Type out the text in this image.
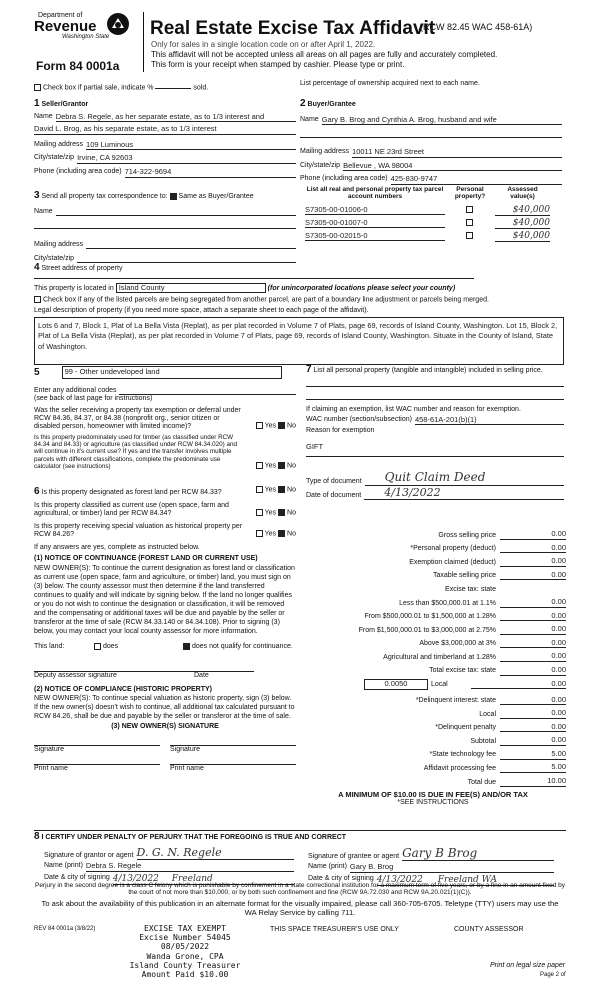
Department of
Revenue
Washington State
Form 84 0001a
Real Estate Excise Tax Affidavit
(RCW 82.45 WAC 458-61A)
Only for sales in a single location code on or after April 1, 2022.
This affidavit will not be accepted unless all areas on all pages are fully and accurately completed.
This form is your receipt when stamped by cashier. Please type or print.
Check box if partial sale, indicate %	sold.
List percentage of ownership acquired next to each name.
1 Seller/Grantor
Name Debra S. Regele, as her separate estate, as to 1/3 interest and
David L. Brog, as his separate estate, as to 1/3 interest
Mailing address 109 Luminous
City/state/zip Irvine, CA 92603
Phone (including area code) 714-322-9694
2 Buyer/Grantee
Name Gary B. Brog and Cynthia A. Brog, husband and wife
Mailing address 10011 NE 23rd Street
City/state/zip Bellevue , WA 98004
Phone (including area code) 425-830-9747
3 Send all property tax correspondence to: Same as Buyer/Grantee
Name
Mailing address
City/state/zip
List all real and personal property tax parcel account numbers
Personal property?
Assessed value(s)
S7305-00-01006-0	$40,000
S7305-00-01007-0	$40,000
S7305-00-02015-0	$40,000
4 Street address of property
This property is located in Island County	(for unincorporated locations please select your county)
Check box if any of the listed parcels are being segregated from another parcel, are part of a boundary line adjustment or parcels being merged.
Legal description of property (if you need more space, attach a separate sheet to each page of the affidavit).
Lots 6 and 7, Block 1, Plat of La Bella Vista (Replat), as per plat recorded in Volume 7 of Plats, page 69, records of Island County, Washington. Lot 15, Block 2, Plat of La Bella Vista (Replat), as per plat recorded in Volume 7 of Plats, page 69, records of Island County, Washington. Situate in the County of Island, State of Washington.
5	99 - Other undeveloped land
Enter any additional codes
(see back of last page for instructions)
Was the seller receiving a property tax exemption or deferral under RCW 84.36, 84.37, or 84.38 (nonprofit org., senior citizen or disabled person, homeowner with limited income)?	Yes No
Is this property predominately used for timber (as classified under RCW 84.34 and 84.33) or agriculture (as classified under RCW 84.34.020) and will continue in it's current use? If yes and the transfer involves multiple parcels with different classifications, complete the predominate use calculator (see instructions)	Yes No
7 List all personal property (tangible and intangible) included in selling price.
If claiming an exemption, list WAC number and reason for exemption.
WAC number (section/subsection) 458-61A-201(b)(1)
Reason for exemption
GIFT
Type of document	Quit Claim Deed
Date of document	4/13/2022
6 Is this property designated as forest land per RCW 84.33?	Yes No
Is this property classified as current use (open space, farm and agricultural, or timber) land per RCW 84.34?	Yes No
Is this property receiving special valuation as historical property per RCW 84.26?	Yes No
If any answers are yes, complete as instructed below.
(1) NOTICE OF CONTINUANCE (FOREST LAND OR CURRENT USE)
NEW OWNER(S): To continue the current designation as forest land or classification as current use (open space, farm and agriculture, or timber) land, you must sign on (3) below. The county assessor must then determine if the land transferred continues to qualify and will indicate by signing below. If the land no longer qualifies or you do not wish to continue the designation or classification, it will be removed and the compensating or additional taxes will be due and payable by the seller or transferor at the time of sale (RCW 84.33.140 or 84.34.108). Prior to signing (3) below, you may contact your local county assessor for more information.
This land:	does	does not qualify for continuance.
Deputy assessor signature	Date
(2) NOTICE OF COMPLIANCE (HISTORIC PROPERTY)
NEW OWNER(S): To continue special valuation as historic property, sign (3) below. If the new owner(s) doesn't wish to continue, all additional tax calculated pursuant to RCW 84.26, shall be due and payable by the seller or transferor at the time of sale.
(3) NEW OWNER(S) SIGNATURE
Signature	Signature
Print name	Print name
Gross selling price	0.00
*Personal property (deduct)	0.00
Exemption claimed (deduct)	0.00
Taxable selling price	0.00
Excise tax: state
Less than $500,000.01 at 1.1%	0.00
From $500,000.01 to $1,500,000 at 1.28%	0.00
From $1,500,000.01 to $3,000,000 at 2.75%	0.00
Above $3,000,000 at 3%	0.00
Agricultural and timberland at 1.28%	0.00
Total excise tax: state	0.00
0.0050	Local	0.00
*Delinquent interest: state	0.00
Local	0.00
*Delinquent penalty	0.00
Subtotal	0.00
*State technology fee	5.00
Affidavit processing fee	5.00
Total due	10.00
A MINIMUM OF $10.00 IS DUE IN FEE(S) AND/OR TAX
*SEE INSTRUCTIONS
8 I CERTIFY UNDER PENALTY OF PERJURY THAT THE FOREGOING IS TRUE AND CORRECT
Signature of grantor or agent D. G. N. Regele
Name (print) Debra S. Regele
Date & city of signing 4/13/2022 Freeland
Signature of grantee or agent Gary B Brog
Name (print) Gary B. Brog
Date & city of signing 4/13/2022 Freeland WA
Perjury in the second degree is a class C felony which is punishable by confinement in a state correctional institution for a maximum term of five years, or by a fine in an amount fixed by the court of not more than $10,000, or by both such confinement and fine (RCW 9A.72.030 and RCW 9A.20.021(1)(C)).
To ask about the availability of this publication in an alternate format for the visually impaired, please call 360-705-6705. Teletype (TTY) users may use the WA Relay Service by calling 711.
REV 84 0001a (3/8/22)	EXCISE TAX EXEMPT
Excise Number 54045
08/05/2022
Wanda Grone, CPA
Island County Treasurer
Amount Paid $10.00
THIS SPACE TREASURER'S USE ONLY	COUNTY ASSESSOR
Print on legal size paper
Page 2 of
